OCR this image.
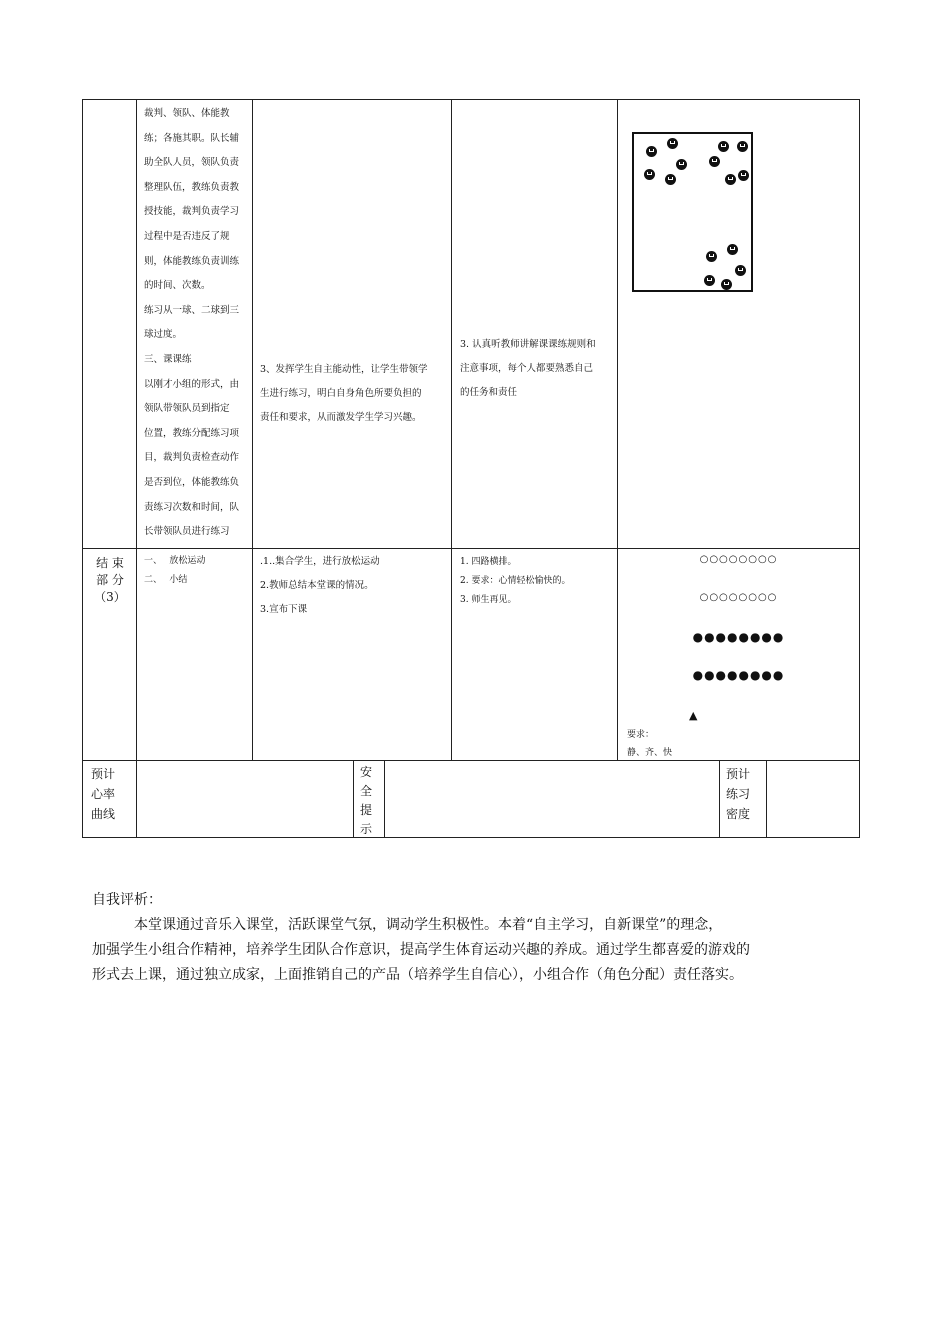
裁判、领队、体能教

练；各施其职。队长辅

助全队人员，领队负责

整理队伍，教练负责教

授技能，裁判负责学习

过程中是否违反了规

则，体能教练负责训练

的时间、次数。

练习从一球、二球到三

球过度。

三、课课练

以刚才小组的形式，由

领队带领队员到指定

位置，教练分配练习项

目，裁判负责检查动作

是否到位，体能教练负

责练习次数和时间，队

长带领队员进行练习

3、发挥学生自主能动性，让学生带领学

生进行练习，明白自身角色所要负担的

责任和要求，从而激发学生学习兴趣。

3. 认真听教师讲解课课练规则和

注意事项，每个人都要熟悉自己

的任务和责任

结 束

部 分

（3）

一、　 放松运动

二、　 小结

.1..集合学生，进行放松运动

2.教师总结本堂课的情况。

3.宣布下课

1. 四路横排。

2. 要求：心情轻松愉快的。

3. 师生再见。

○○○○○○○○
○○○○○○○○
●●●●●●●●
●●●●●●●●
▲
要求：
静、齐、快

预计

心率

曲线

安

全

提

示

预计

练习

密度

自我评析：

　　　本堂课通过音乐入课堂，活跃课堂气氛，调动学生积极性。本着“自主学习，自新课堂”的理念，

加强学生小组合作精神，培养学生团队合作意识，提高学生体育运动兴趣的养成。通过学生都喜爱的游戏的

形式去上课，通过独立成家，上面推销自己的产品（培养学生自信心），小组合作（角色分配）责任落实。
